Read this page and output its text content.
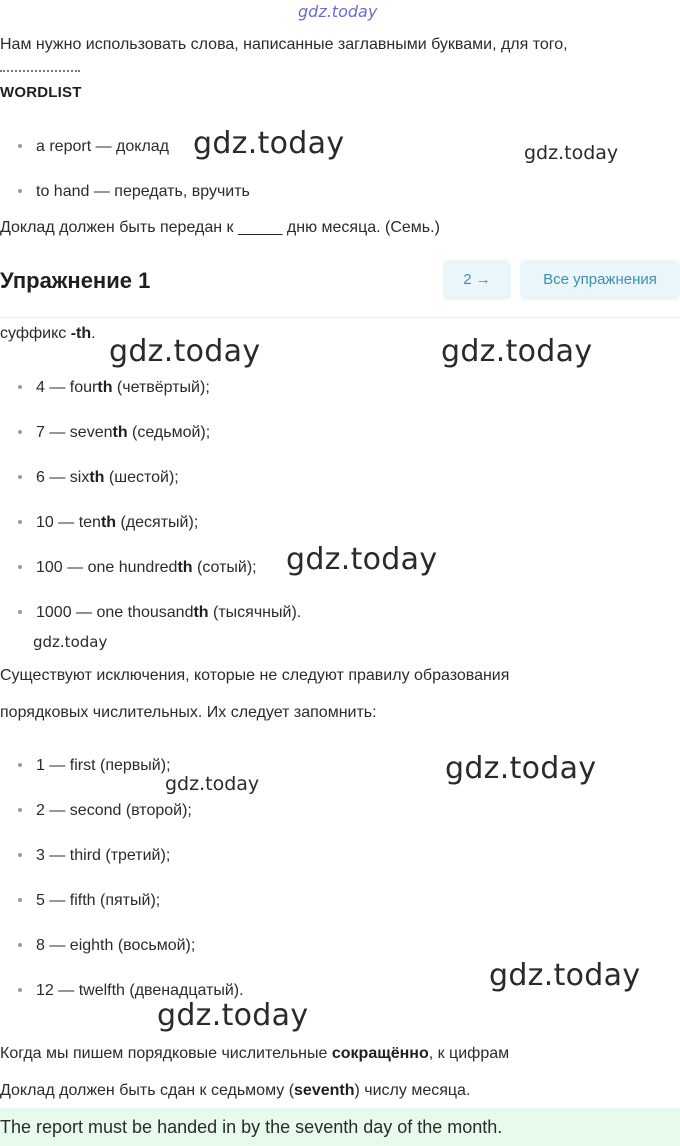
gdz.today
Нам нужно использовать слова, написанные заглавными буквами, для того,
WORDLIST
a report — доклад
to hand — передать, вручить
gdz.today	gdz.today
Доклад должен быть передан к _____ дню месяца. (Семь.)
Упражнение 1	2 →	Все упражнения
суффикс -th.
gdz.today	gdz.today
4 — fourth (четвёртый);
7 — seventh (седьмой);
6 — sixth (шестой);
10 — tenth (десятый);
100 — one hundredth (сотый);
1000 — one thousandth (тысячный).
gdz.today
gdz.today
Существуют исключения, которые не следуют правилу образования
порядковых числительных. Их следует запомнить:
1 — first (первый);
2 — second (второй);
3 — third (третий);
5 — fifth (пятый);
8 — eighth (восьмой);
12 — twelfth (двенадцатый).
gdz.today	gdz.today
gdz.today
gdz.today
Когда мы пишем порядковые числительные сокращённо, к цифрам
Доклад должен быть сдан к седьмому (seventh) числу месяца.
The report must be handed in by the seventh day of the month.
